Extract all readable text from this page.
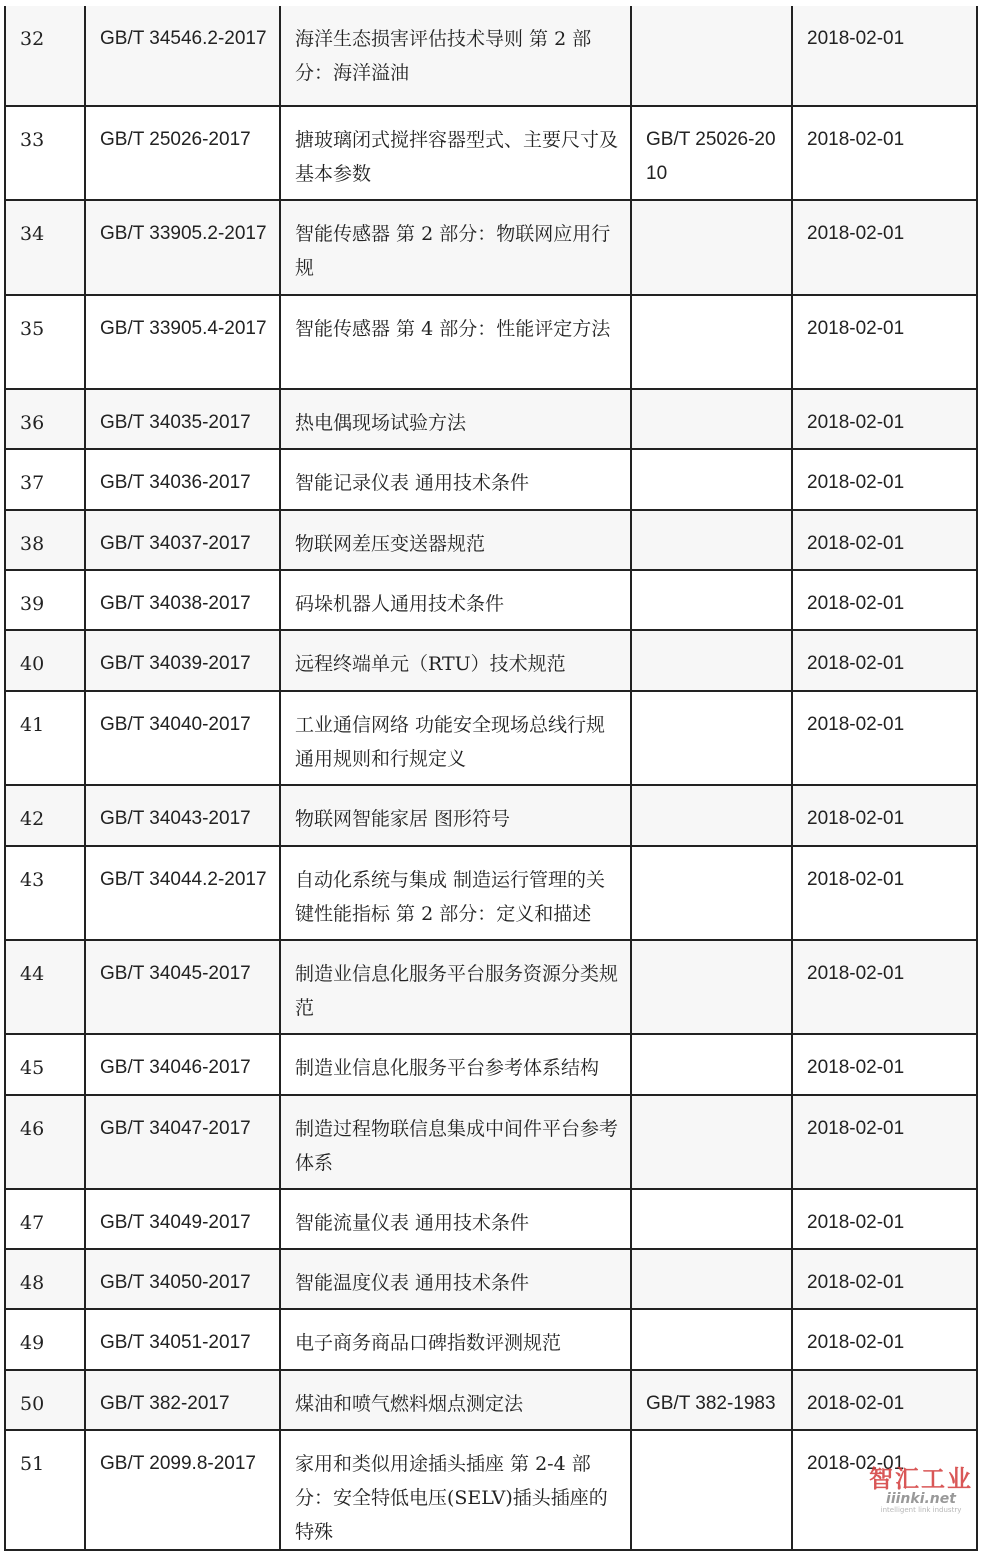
32	GB/T 34546.2-2017	海洋生态损害评估技术导则 第 2 部分：海洋溢油		2018-02-01
33	GB/T 25026-2017	搪玻璃闭式搅拌容器型式、主要尺寸及基本参数	GB/T 25026-2010	2018-02-01
34	GB/T 33905.2-2017	智能传感器 第 2 部分：物联网应用行规		2018-02-01
35	GB/T 33905.4-2017	智能传感器 第 4 部分：性能评定方法		2018-02-01
36	GB/T 34035-2017	热电偶现场试验方法		2018-02-01
37	GB/T 34036-2017	智能记录仪表 通用技术条件		2018-02-01
38	GB/T 34037-2017	物联网差压变送器规范		2018-02-01
39	GB/T 34038-2017	码垛机器人通用技术条件		2018-02-01
40	GB/T 34039-2017	远程终端单元（RTU）技术规范		2018-02-01
41	GB/T 34040-2017	工业通信网络 功能安全现场总线行规 通用规则和行规定义		2018-02-01
42	GB/T 34043-2017	物联网智能家居 图形符号		2018-02-01
43	GB/T 34044.2-2017	自动化系统与集成 制造运行管理的关键性能指标 第 2 部分：定义和描述		2018-02-01
44	GB/T 34045-2017	制造业信息化服务平台服务资源分类规范		2018-02-01
45	GB/T 34046-2017	制造业信息化服务平台参考体系结构		2018-02-01
46	GB/T 34047-2017	制造过程物联信息集成中间件平台参考体系		2018-02-01
47	GB/T 34049-2017	智能流量仪表 通用技术条件		2018-02-01
48	GB/T 34050-2017	智能温度仪表 通用技术条件		2018-02-01
49	GB/T 34051-2017	电子商务商品口碑指数评测规范		2018-02-01
50	GB/T 382-2017	煤油和喷气燃料烟点测定法	GB/T 382-1983	2018-02-01
51	GB/T 2099.8-2017	家用和类似用途插头插座 第 2-4 部分：安全特低电压(SELV)插头插座的特殊		2018-02-01
智汇工业
iiinki.net
intelligent link industry
